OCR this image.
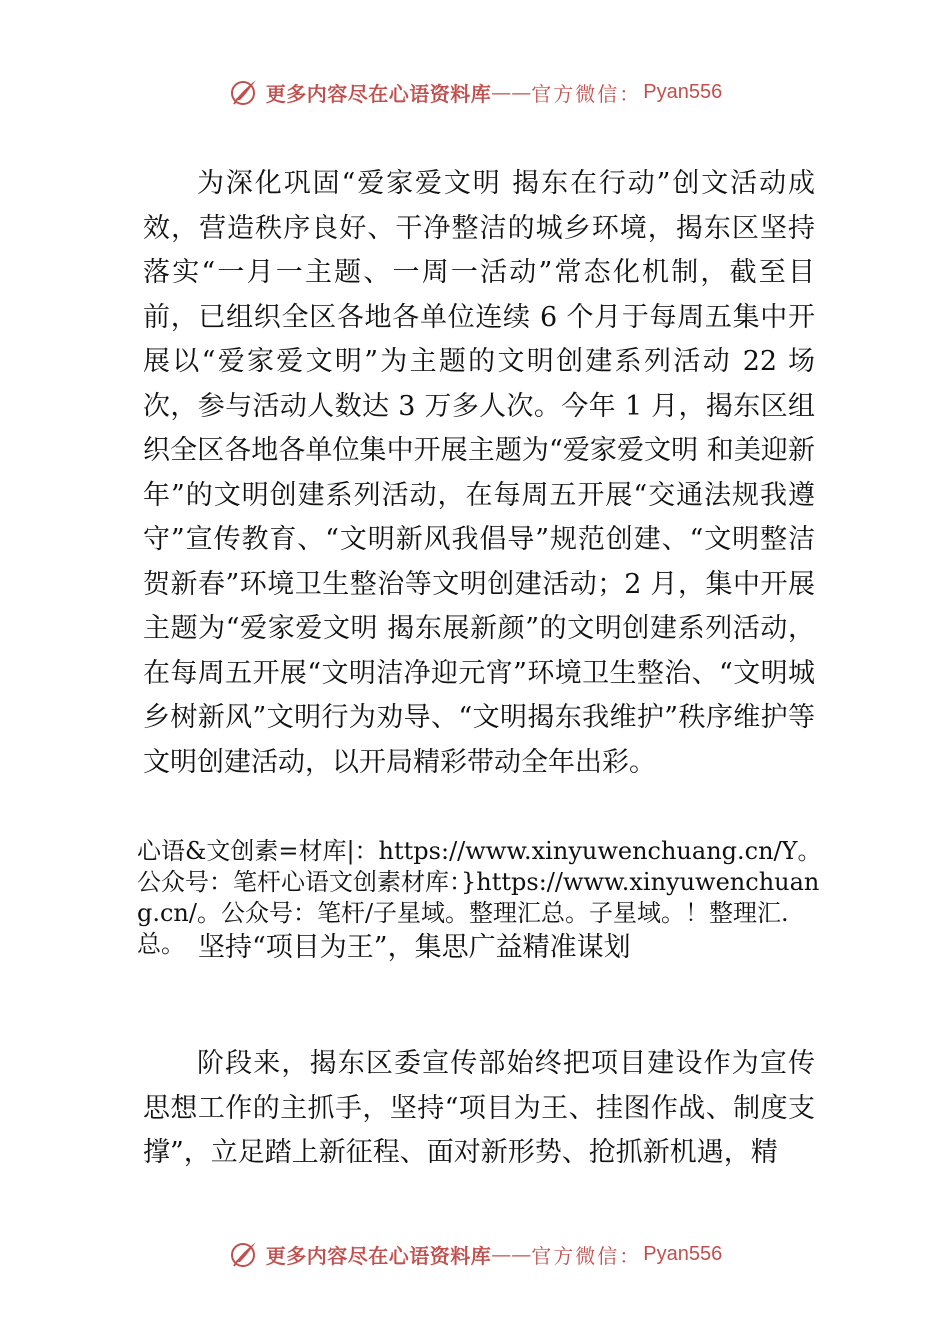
更多内容尽在心语资料库 —— 官方微信： Pyan556

为深化巩固“爱家爱文明 揭东在行动”创文活动成效，营造秩序良好、干净整洁的城乡环境，揭东区坚持落实“一月一主题、一周一活动”常态化机制，截至目前，已组织全区各地各单位连续 6 个月于每周五集中开展以“爱家爱文明”为主题的文明创建系列活动 22 场次，参与活动人数达 3 万多人次。今年 1 月，揭东区组织全区各地各单位集中开展主题为“爱家爱文明 和美迎新年”的文明创建系列活动，在每周五开展“交通法规我遵守”宣传教育、“文明新风我倡导”规范创建、“文明整洁贺新春”环境卫生整治等文明创建活动；2 月，集中开展主题为“爱家爱文明 揭东展新颜”的文明创建系列活动， 在每周五开展“文明洁净迎元宵”环境卫生整治、“文明城乡树新风”文明行为劝导、“文明揭东我维护”秩序维护等文明创建活动，以开局精彩带动全年出彩。

心语&文创素=材库|：https://www.xinyuwenchuang.cn/Y。公众号：笔杆心语文创素材库：}https://www.xinyuwenchuang.cn/。公众号：笔杆/子星域。整理汇总。子星域。！整理汇.总。 坚持“项目为王”，集思广益精准谋划

阶段来，揭东区委宣传部始终把项目建设作为宣传思想工作的主抓手，坚持“项目为王、挂图作战、制度支撑”，立足踏上新征程、面对新形势、抢抓新机遇，精

更多内容尽在心语资料库 —— 官方微信： Pyan556
